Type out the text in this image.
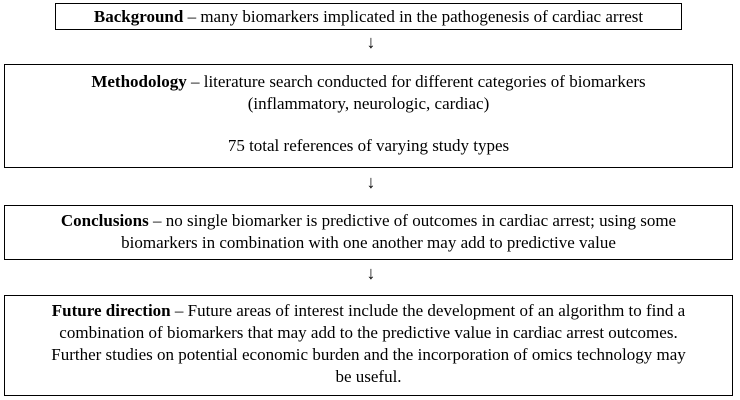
Background – many biomarkers implicated in the pathogenesis of cardiac arrest
↓
Methodology – literature search conducted for different categories of biomarkers
(inflammatory, neurologic, cardiac)
75 total references of varying study types
↓
Conclusions – no single biomarker is predictive of outcomes in cardiac arrest; using some
biomarkers in combination with one another may add to predictive value
↓
Future direction – Future areas of interest include the development of an algorithm to find a
combination of biomarkers that may add to the predictive value in cardiac arrest outcomes.
Further studies on potential economic burden and the incorporation of omics technology may
be useful.
